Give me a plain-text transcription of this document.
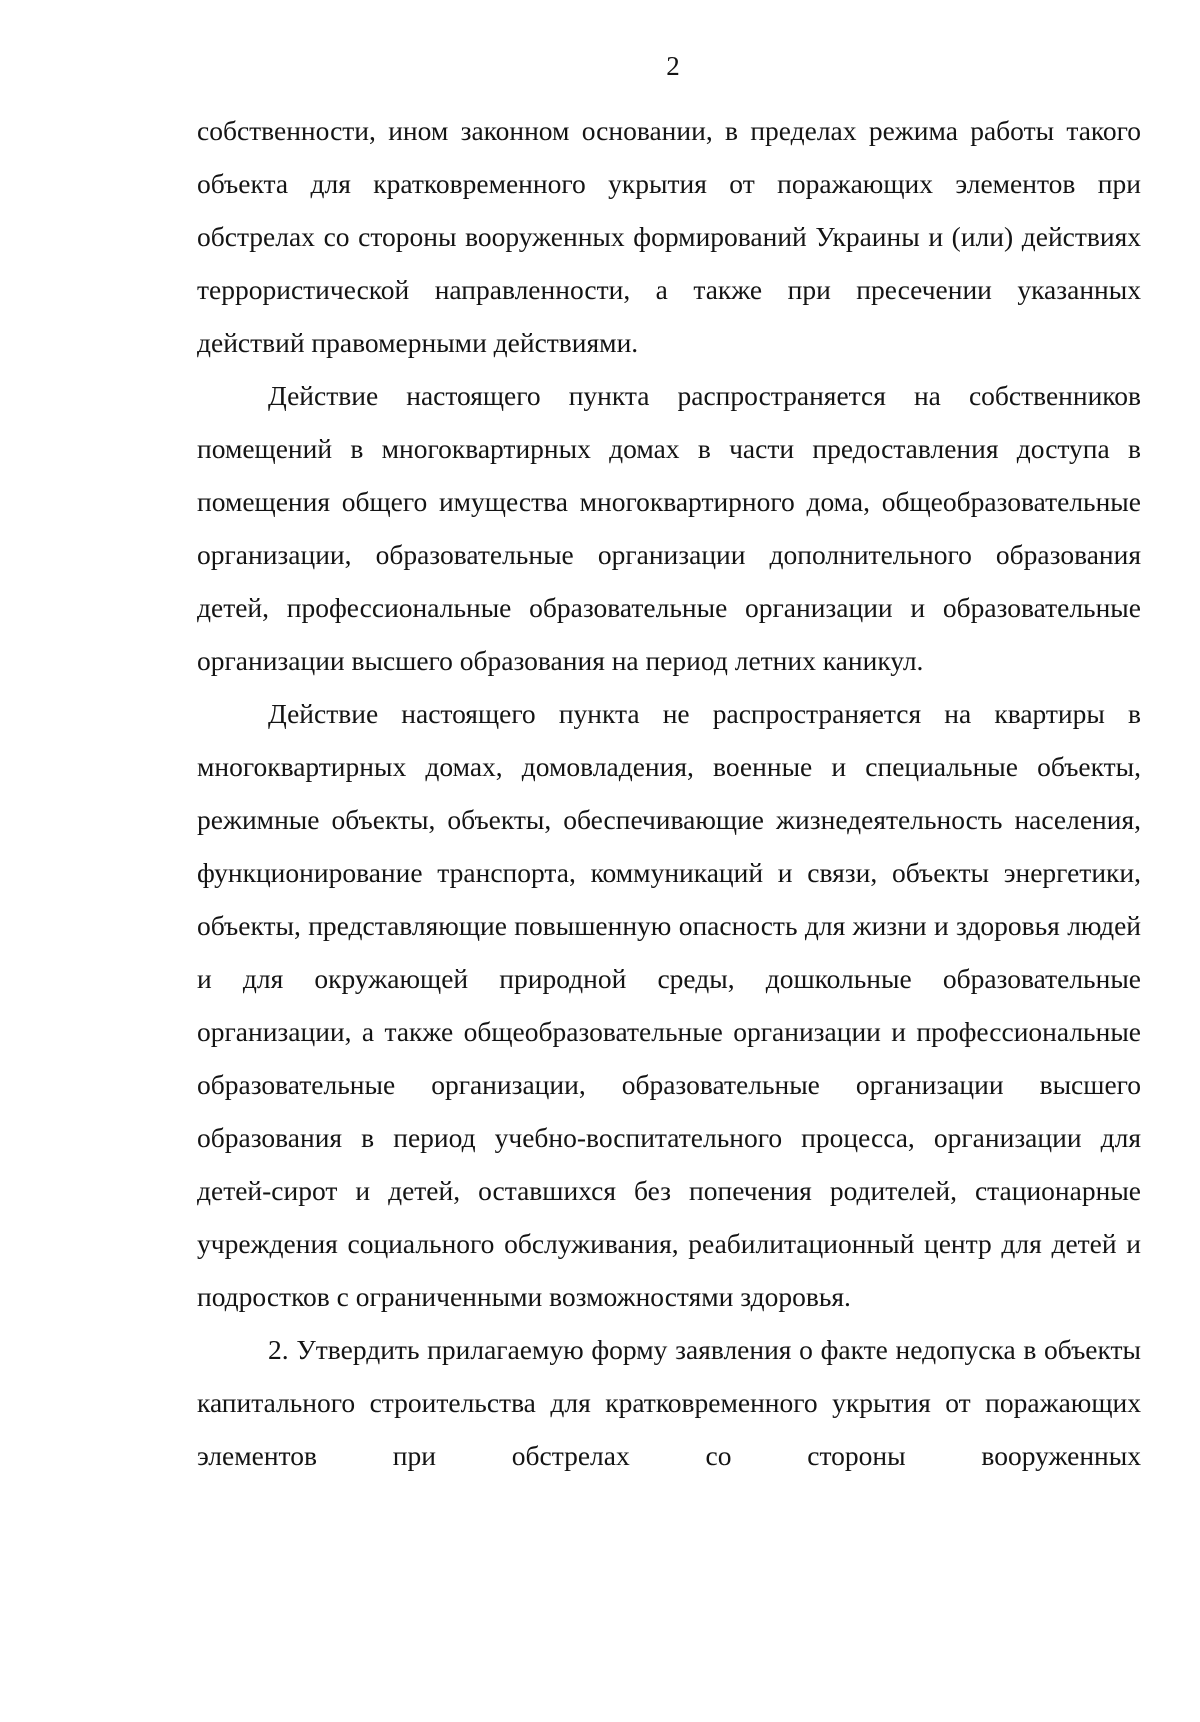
2

собственности, ином законном основании, в пределах режима работы такого объекта для кратковременного укрытия от поражающих элементов при обстрелах со стороны вооруженных формирований Украины и (или) действиях террористической направленности, а также при пресечении указанных действий правомерными действиями.

Действие настоящего пункта распространяется на собственников помещений в многоквартирных домах в части предоставления доступа в помещения общего имущества многоквартирного дома, общеобразовательные организации, образовательные организации дополнительного образования детей, профессиональные образовательные организации и образовательные организации высшего образования на период летних каникул.

Действие настоящего пункта не распространяется на квартиры в многоквартирных домах, домовладения, военные и специальные объекты, режимные объекты, объекты, обеспечивающие жизнедеятельность населения, функционирование транспорта, коммуникаций и связи, объекты энергетики, объекты, представляющие повышенную опасность для жизни и здоровья людей и для окружающей природной среды, дошкольные образовательные организации, а также общеобразовательные организации и профессиональные образовательные организации, образовательные организации высшего образования в период учебно-воспитательного процесса, организации для детей-сирот и детей, оставшихся без попечения родителей, стационарные учреждения социального обслуживания, реабилитационный центр для детей и подростков с ограниченными возможностями здоровья.

2. Утвердить прилагаемую форму заявления о факте недопуска в объекты капитального строительства для кратковременного укрытия от поражающих элементов при обстрелах со стороны вооруженных
